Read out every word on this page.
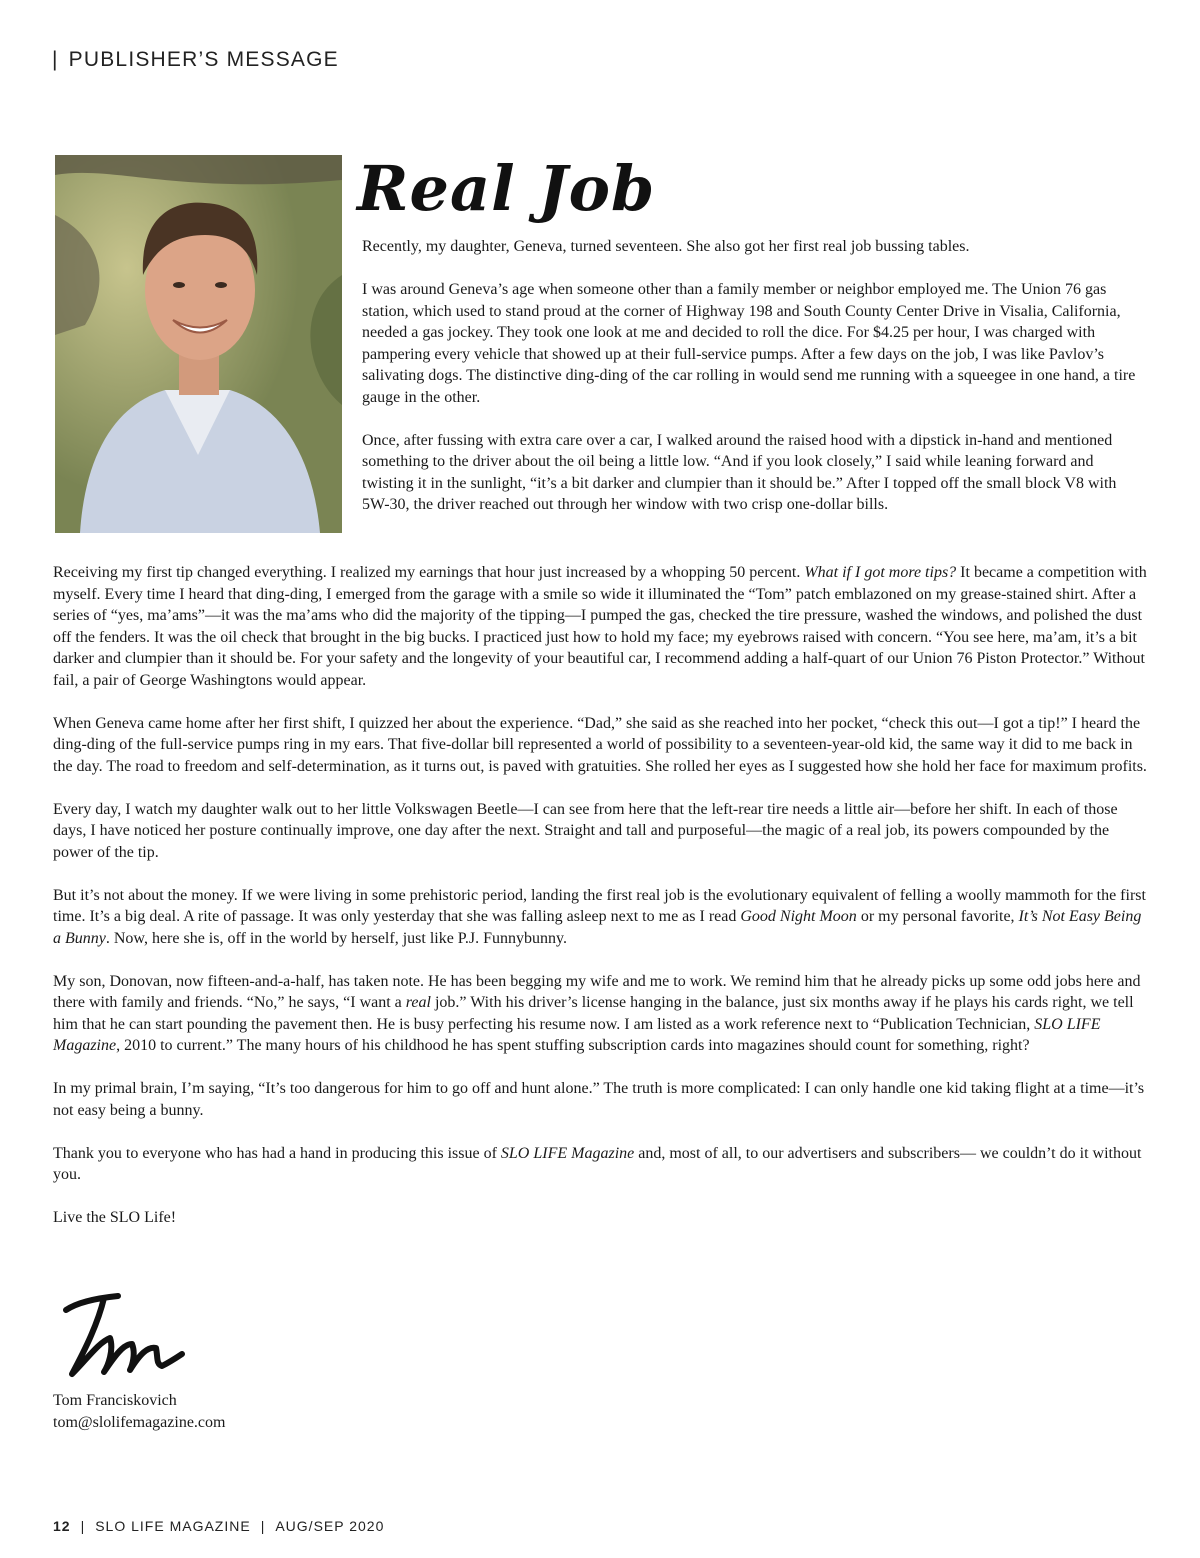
| PUBLISHER’S MESSAGE
Real Job

Recently, my daughter, Geneva, turned seventeen. She also got her first real job bussing tables.

I was around Geneva’s age when someone other than a family member or neighbor employed me. The Union 76 gas station, which used to stand proud at the corner of Highway 198 and South County Center Drive in Visalia, California, needed a gas jockey. They took one look at me and decided to roll the dice. For $4.25 per hour, I was charged with pampering every vehicle that showed up at their full-service pumps. After a few days on the job, I was like Pavlov’s salivating dogs. The distinctive ding-ding of the car rolling in would send me running with a squeegee in one hand, a tire gauge in the other.

Once, after fussing with extra care over a car, I walked around the raised hood with a dipstick in-hand and mentioned something to the driver about the oil being a little low. “And if you look closely,” I said while leaning forward and twisting it in the sunlight, “it’s a bit darker and clumpier than it should be.” After I topped off the small block V8 with 5W-30, the driver reached out through her window with two crisp one-dollar bills.

Receiving my first tip changed everything. I realized my earnings that hour just increased by a whopping 50 percent. What if I got more tips? It became a competition with myself. Every time I heard that ding-ding, I emerged from the garage with a smile so wide it illuminated the “Tom” patch emblazoned on my grease-stained shirt. After a series of “yes, ma’ams”—it was the ma’ams who did the majority of the tipping—I pumped the gas, checked the tire pressure, washed the windows, and polished the dust off the fenders. It was the oil check that brought in the big bucks. I practiced just how to hold my face; my eyebrows raised with concern. “You see here, ma’am, it’s a bit darker and clumpier than it should be. For your safety and the longevity of your beautiful car, I recommend adding a half-quart of our Union 76 Piston Protector.” Without fail, a pair of George Washingtons would appear.

When Geneva came home after her first shift, I quizzed her about the experience. “Dad,” she said as she reached into her pocket, “check this out—I got a tip!” I heard the ding-ding of the full-service pumps ring in my ears. That five-dollar bill represented a world of possibility to a seventeen-year-old kid, the same way it did to me back in the day. The road to freedom and self-determination, as it turns out, is paved with gratuities. She rolled her eyes as I suggested how she hold her face for maximum profits.

Every day, I watch my daughter walk out to her little Volkswagen Beetle—I can see from here that the left-rear tire needs a little air—before her shift. In each of those days, I have noticed her posture continually improve, one day after the next. Straight and tall and purposeful—the magic of a real job, its powers compounded by the power of the tip.

But it’s not about the money. If we were living in some prehistoric period, landing the first real job is the evolutionary equivalent of felling a woolly mammoth for the first time. It’s a big deal. A rite of passage. It was only yesterday that she was falling asleep next to me as I read Good Night Moon or my personal favorite, It’s Not Easy Being a Bunny. Now, here she is, off in the world by herself, just like P.J. Funnybunny.

My son, Donovan, now fifteen-and-a-half, has taken note. He has been begging my wife and me to work. We remind him that he already picks up some odd jobs here and there with family and friends. “No,” he says, “I want a real job.” With his driver’s license hanging in the balance, just six months away if he plays his cards right, we tell him that he can start pounding the pavement then. He is busy perfecting his resume now. I am listed as a work reference next to “Publication Technician, SLO LIFE Magazine, 2010 to current.” The many hours of his childhood he has spent stuffing subscription cards into magazines should count for something, right?

In my primal brain, I’m saying, “It’s too dangerous for him to go off and hunt alone.” The truth is more complicated: I can only handle one kid taking flight at a time—it’s not easy being a bunny.

Thank you to everyone who has had a hand in producing this issue of SLO LIFE Magazine and, most of all, to our advertisers and subscribers— we couldn’t do it without you.

Live the SLO Life!

Tom Franciskovich
tom@slolifemagazine.com
12 | SLO LIFE MAGAZINE | AUG/SEP 2020
